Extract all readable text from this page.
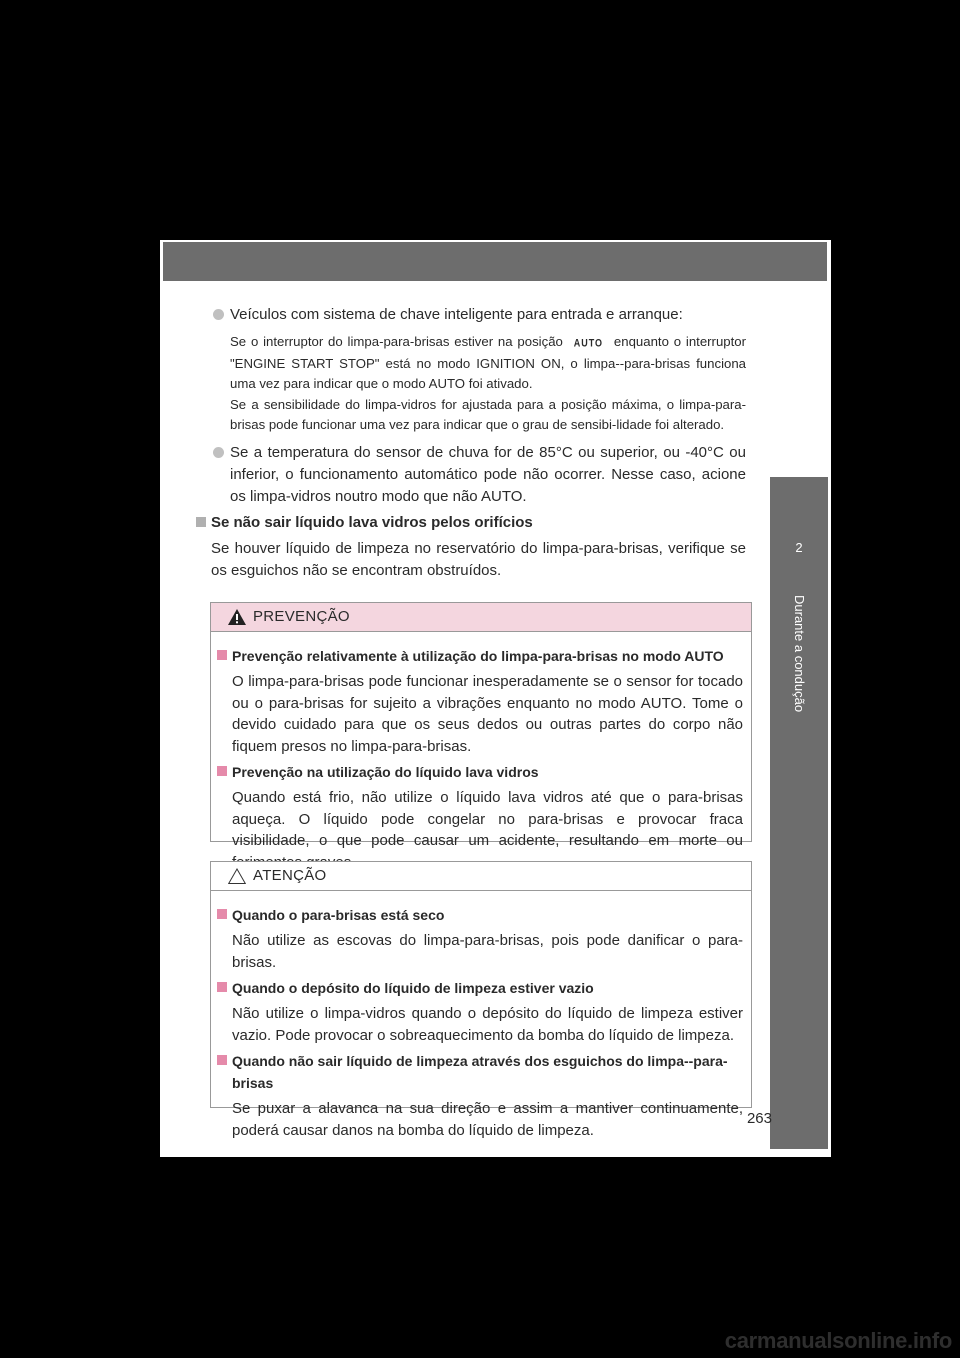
2
Durante a condução
Veículos com sistema de chave inteligente para entrada e arranque:
Se o interruptor do limpa-para-brisas estiver na posição AUTO enquanto o interruptor "ENGINE START STOP" está no modo IGNITION ON, o limpa--para-brisas funciona uma vez para indicar que o modo AUTO foi ativado.
Se a sensibilidade do limpa-vidros for ajustada para a posição máxima, o limpa-para-brisas pode funcionar uma vez para indicar que o grau de sensibi-lidade foi alterado.
Se a temperatura do sensor de chuva for de 85°C ou superior, ou -40°C ou inferior, o funcionamento automático pode não ocorrer. Nesse caso, acione os limpa-vidros noutro modo que não AUTO.
Se não sair líquido lava vidros pelos orifícios
Se houver líquido de limpeza no reservatório do limpa-para-brisas, verifique se os esguichos não se encontram obstruídos.
PREVENÇÃO
Prevenção relativamente à utilização do limpa-para-brisas no modo AUTO
O limpa-para-brisas pode funcionar inesperadamente se o sensor for tocado ou o para-brisas for sujeito a vibrações enquanto no modo AUTO. Tome o devido cuidado para que os seus dedos ou outras partes do corpo não fiquem presos no limpa-para-brisas.
Prevenção na utilização do líquido lava vidros
Quando está frio, não utilize o líquido lava vidros até que o para-brisas aqueça. O líquido pode congelar no para-brisas e provocar fraca visibilidade, o que pode causar um acidente, resultando em morte ou
ATENÇÃO
Quando o para-brisas está seco
Não utilize as escovas do limpa-para-brisas, pois pode danificar o para-brisas.
Quando o depósito do líquido de limpeza estiver vazio
Não utilize o limpa-vidros quando o depósito do líquido de limpeza estiver vazio. Pode provocar o sobreaquecimento da bomba do líquido de limpeza.
Quando não sair líquido de limpeza através dos esguichos do limpa--para-brisas
Se puxar a alavanca na sua direção e assim a mantiver continuamente, poderá causar danos na bomba do líquido de limpeza.
263
carmanualsonline.info
